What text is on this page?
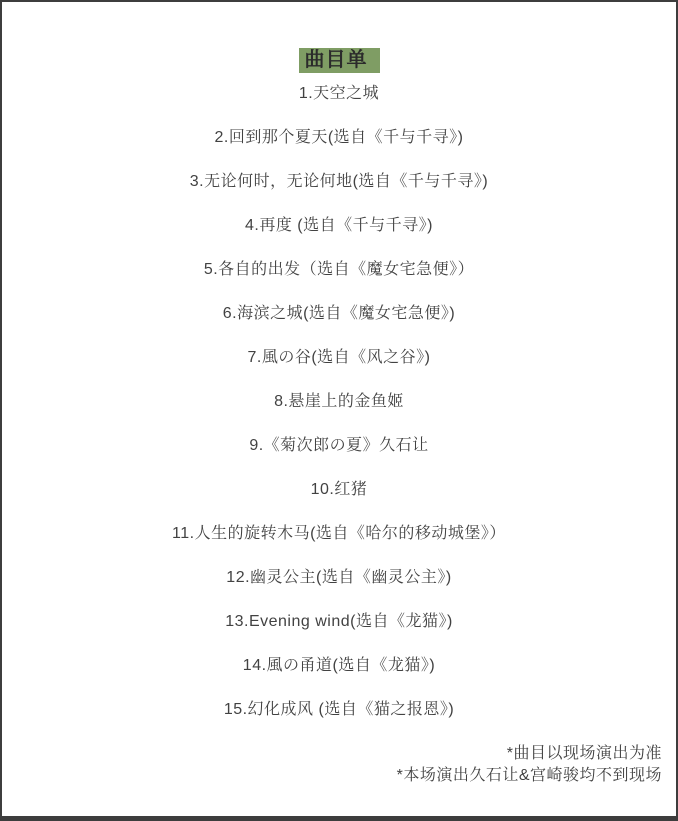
曲目单

1.天空之城

2.回到那个夏天(选自《千与千寻》)

3.无论何时，无论何地(选自《千与千寻》)

4.再度 (选自《千与千寻》)

5.各自的出发（选自《魔女宅急便》）

6.海滨之城(选自《魔女宅急便》)

7.風の谷(选自《风之谷》)

8.悬崖上的金鱼姬

9.《菊次郎の夏》久石让

10.红猪

11.人生的旋转木马(选自《哈尔的移动城堡》）

12.幽灵公主(选自《幽灵公主》)

13.Evening wind(选自《龙猫》)

14.風の甬道(选自《龙猫》)

15.幻化成风 (选自《猫之报恩》)

*曲目以现场演出为准

*本场演出久石让&宫崎骏均不到现场
